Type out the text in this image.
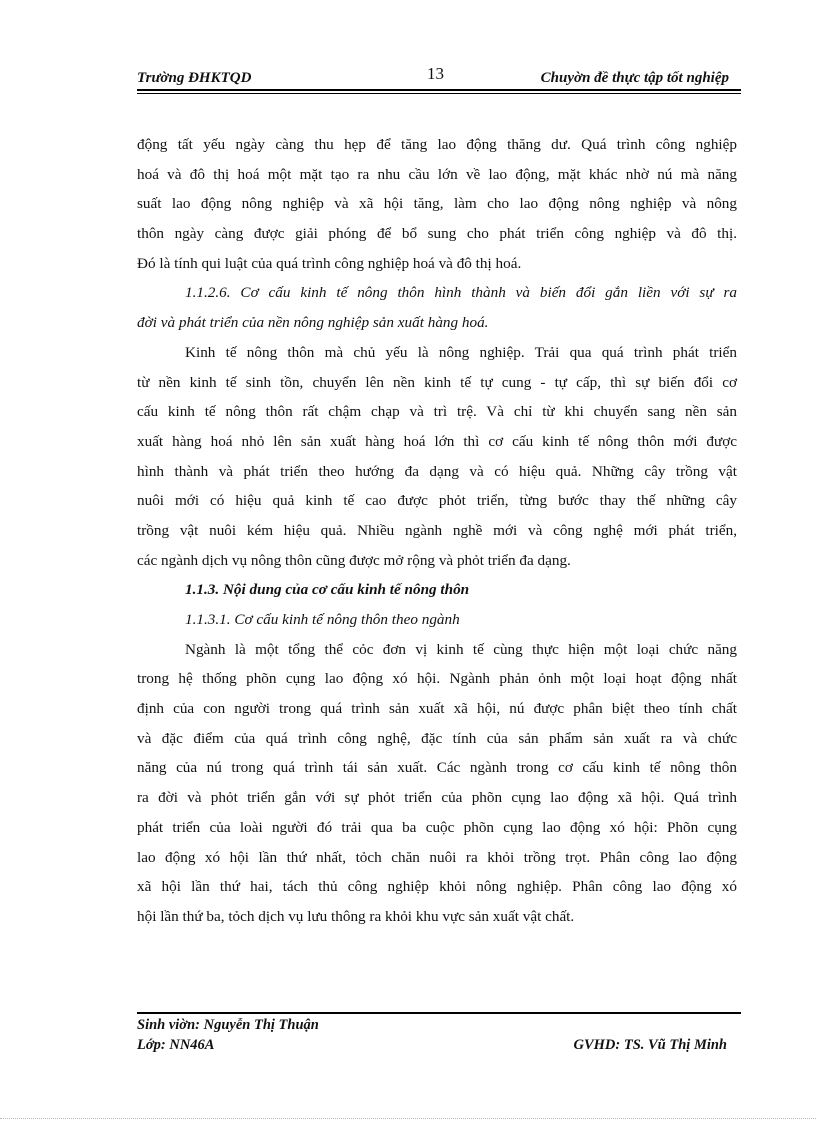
Trường ĐHKTQD	13	Chuyờn đề thực tập tốt nghiệp
động tất yếu ngày càng thu hẹp để tăng lao động thăng dư. Quá trình công nghiệp
hoá và đô thị hoá một mặt tạo ra nhu cầu lớn về lao động, mặt khác nhờ nú mà năng
suất lao động nông nghiệp và xã hội tăng, làm cho lao động nông nghiệp và nông
thôn ngày càng được giải phóng để bổ sung cho phát triển công nghiệp và đô thị.
Đó là tính qui luật của quá trình công nghiệp hoá và đô thị hoá.
1.1.2.6. Cơ cấu kinh tế nông thôn hình thành và biến đổi gắn liền với sự ra
đời và phát triển của nền nông nghiệp sản xuất hàng hoá.
Kinh tế nông thôn mà chủ yếu là nông nghiệp. Trải qua quá trình phát triển
từ nền kinh tế sinh tồn, chuyển lên nền kinh tế tự cung - tự cấp, thì sự biến đổi cơ
cấu kinh tế nông thôn rất chậm chạp và trì trệ. Và chỉ từ khi chuyển sang nền sản
xuất hàng hoá nhỏ lên sản xuất hàng hoá lớn thì cơ cấu kinh tế nông thôn mới được
hình thành và phát triển theo hướng đa dạng và có hiệu quả. Những cây trồng vật
nuôi mới có hiệu quả kinh tế cao được phỏt triển, từng bước thay thế những cây
trồng vật nuôi kém hiệu quả. Nhiều ngành nghề mới và công nghệ mới phát triển,
các ngành dịch vụ nông thôn cũng được mở rộng và phỏt triển đa dạng.
1.1.3. Nội dung của cơ cấu kinh tế nông thôn
1.1.3.1. Cơ cấu kinh tế nông thôn theo ngành
Ngành là một tổng thể cỏc đơn vị kinh tế cùng thực hiện một loại chức năng
trong hệ thống phõn cụng lao động xó hội. Ngành phản ỏnh một loại hoạt động nhất
định của con người trong quá trình sản xuất xã hội, nú được phân biệt theo tính chất
và đặc điểm của quá trình công nghệ, đặc tính của sản phẩm sản xuất ra và chức
năng của nú trong quá trình tái sản xuất. Các ngành trong cơ cấu kinh tế nông thôn
ra đời và phỏt triển gắn với sự phỏt triển của phõn cụng lao động xã hội. Quá trình
phát triển của loài người đó trải qua ba cuộc phõn cụng lao động xó hội: Phõn cụng
lao động xó hội lần thứ nhất, tỏch chăn nuôi ra khỏi trồng trọt. Phân công lao động
xã hội lần thứ hai, tách thủ công nghiệp khỏi nông nghiệp. Phân công lao động xó
hội lần thứ ba, tỏch dịch vụ lưu thông ra khỏi khu vực sản xuất vật chất.
Sinh viờn: Nguyễn Thị Thuận
Lớp: NN46A	GVHD: TS. Vũ Thị Minh
